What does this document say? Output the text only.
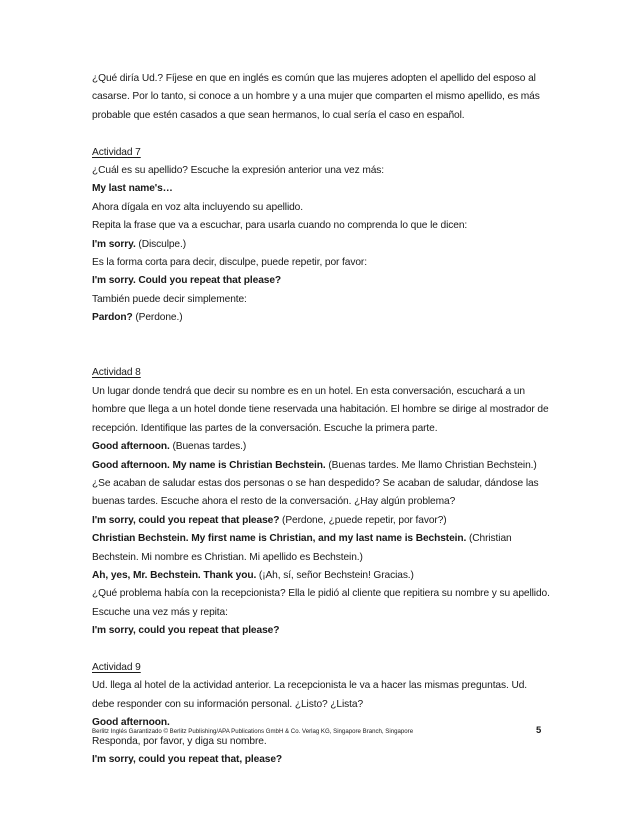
¿Qué diría Ud.? Fíjese en que en inglés es común que las mujeres adopten el apellido del esposo al
casarse. Por lo tanto, si conoce a un hombre y a una mujer que comparten el mismo apellido, es más
probable que estén casados a que sean hermanos, lo cual sería el caso en español.
Actividad 7
¿Cuál es su apellido? Escuche la expresión anterior una vez más:
My last name's…
Ahora dígala en voz alta incluyendo su apellido.
Repita la frase que va a escuchar, para usarla cuando no comprenda lo que le dicen:
I'm sorry. (Disculpe.)
Es la forma corta para decir, disculpe, puede repetir, por favor:
I'm sorry. Could you repeat that please?
También puede decir simplemente:
Pardon? (Perdone.)
Actividad 8
Un lugar donde tendrá que decir su nombre es en un hotel. En esta conversación, escuchará a un
hombre que llega a un hotel donde tiene reservada una habitación. El hombre se dirige al mostrador de
recepción. Identifique las partes de la conversación. Escuche la primera parte.
Good afternoon. (Buenas tardes.)
Good afternoon. My name is Christian Bechstein. (Buenas tardes. Me llamo Christian Bechstein.)
¿Se acaban de saludar estas dos personas o se han despedido? Se acaban de saludar, dándose las
buenas tardes. Escuche ahora el resto de la conversación. ¿Hay algún problema?
I'm sorry, could you repeat that please? (Perdone, ¿puede repetir, por favor?)
Christian Bechstein. My first name is Christian, and my last name is Bechstein. (Christian
Bechstein. Mi nombre es Christian. Mi apellido es Bechstein.)
Ah, yes, Mr. Bechstein. Thank you. (¡Ah, sí, señor Bechstein! Gracias.)
¿Qué problema había con la recepcionista? Ella le pidió al cliente que repitiera su nombre y su apellido.
Escuche una vez más y repita:
I'm sorry, could you repeat that please?
Actividad 9
Ud. llega al hotel de la actividad anterior. La recepcionista le va a hacer las mismas preguntas. Ud.
debe responder con su información personal. ¿Listo? ¿Lista?
Good afternoon.
Responda, por favor, y diga su nombre.
I'm sorry, could you repeat that, please?
Berlitz Inglés Garantizado © Berlitz Publishing/APA Publications GmbH & Co. Verlag KG, Singapore Branch, Singapore	5
